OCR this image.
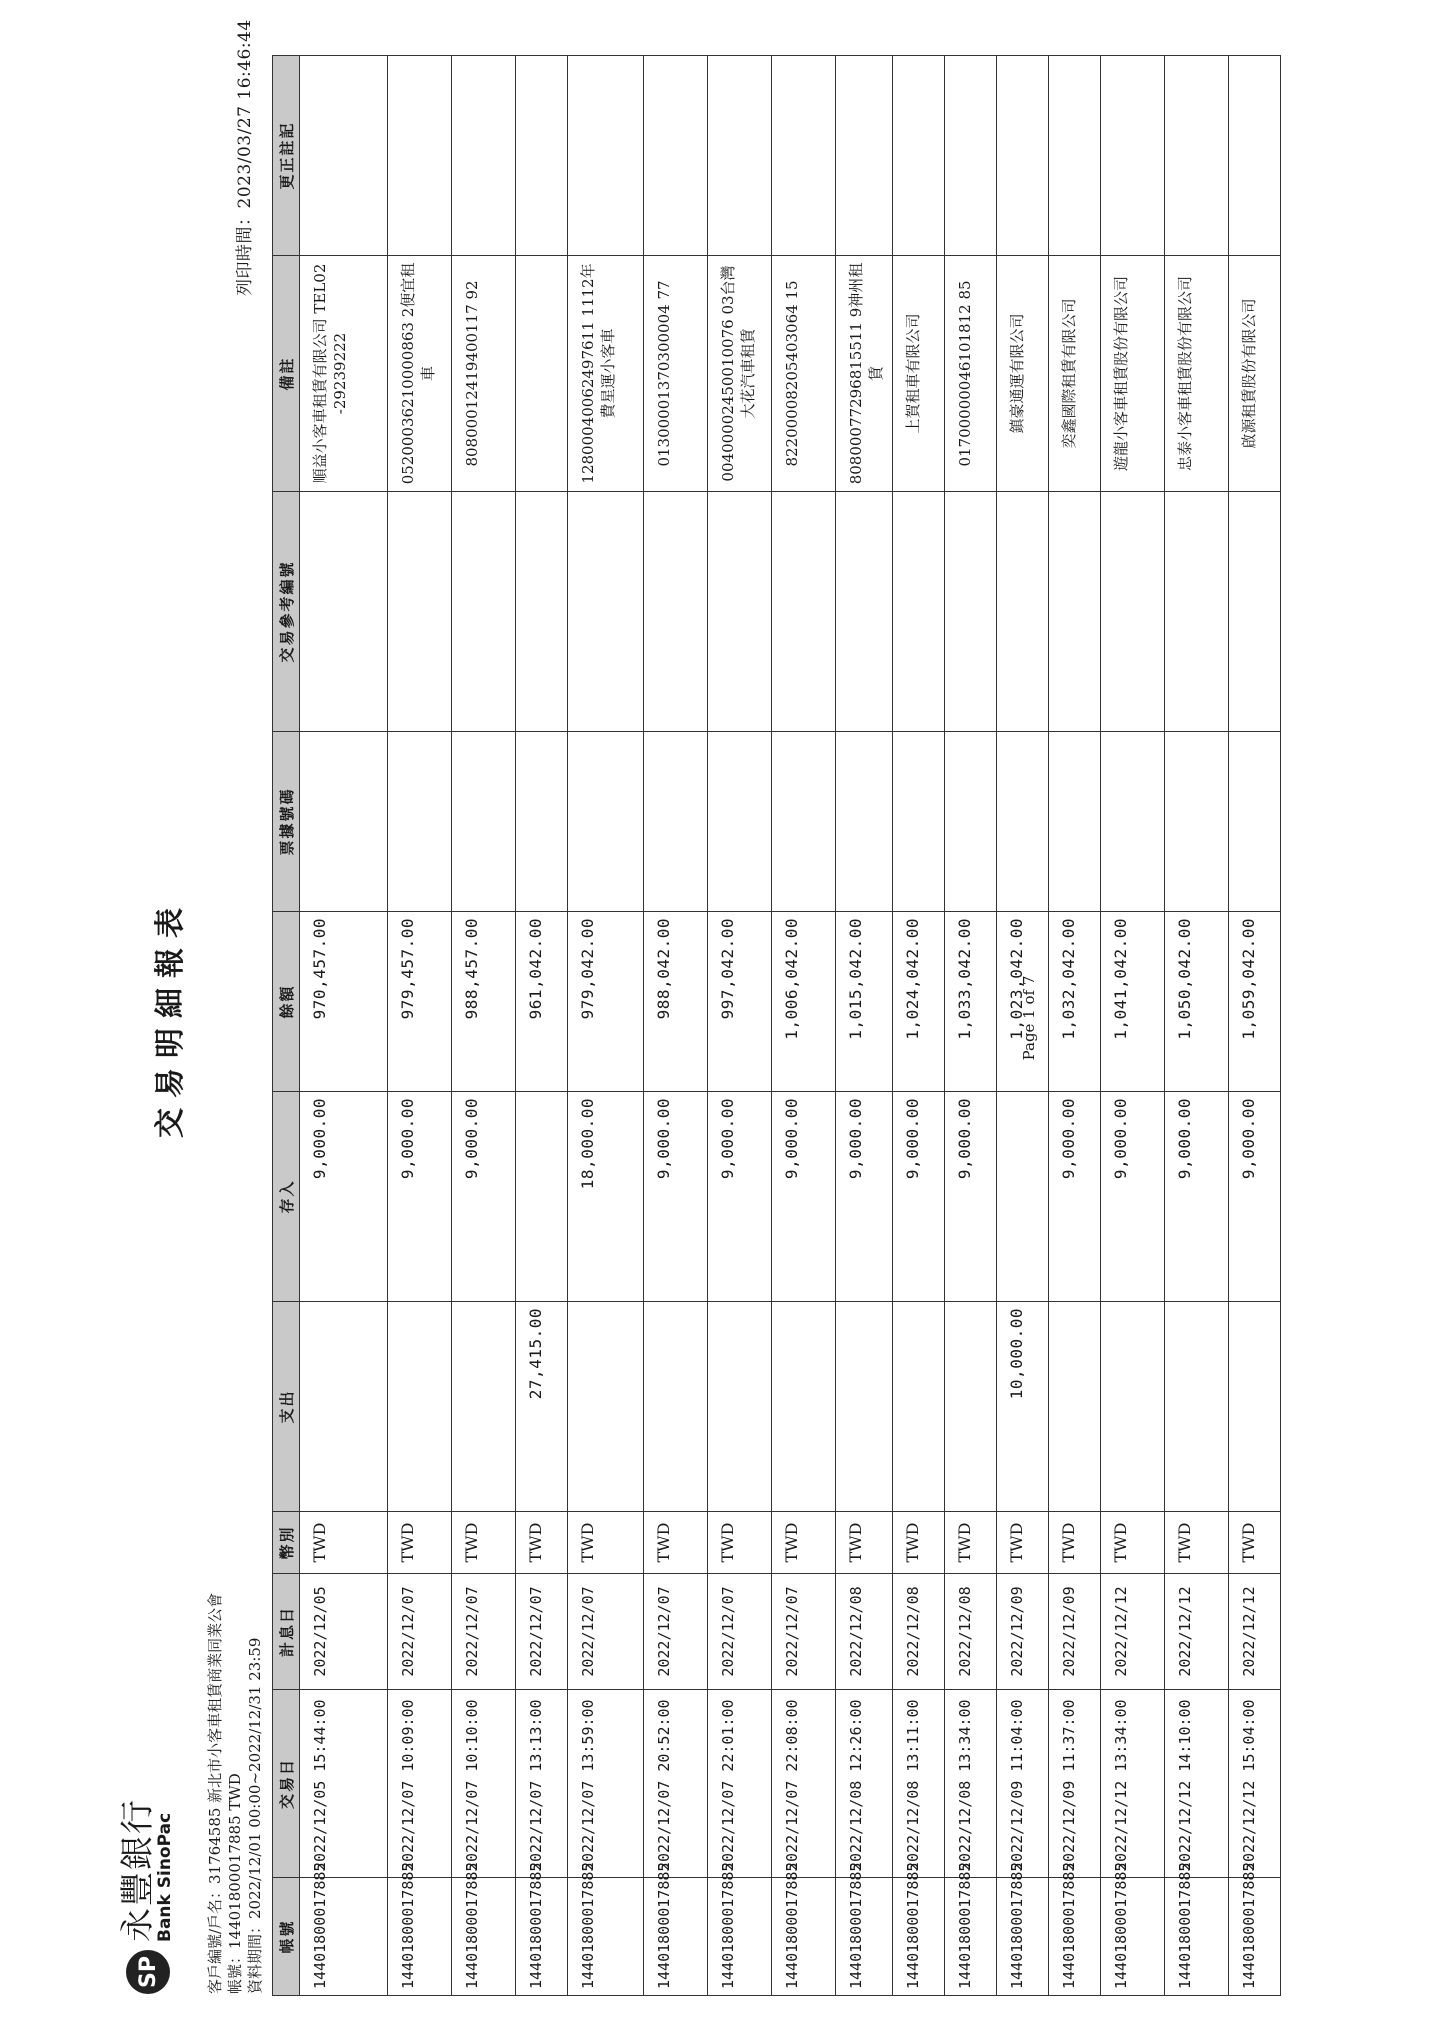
SP
永豐銀行
Bank SinoPac
交易明細報表
列印時間：2023/03/27 16:46:44
客戶編號/戶名：31764585 新北市小客車租賃商業同業公會 帳號：14401800017885 TWD 資料期間：2022/12/01 00:00~2022/12/31 23:59 帳號	交易日	計息日	幣別	支出	存入	餘額	票據號碼	交易參考編號	備註	更正註記
14401800017885	2022/12/05 15:44:00	2022/12/05	TWD		9,000.00	970,457.00			順益小客車租賃有限公司 TEL02-29239222	
14401800017885	2022/12/07 10:09:00	2022/12/07	TWD		9,000.00	979,457.00			05200036210000863 2便宜租車	
14401800017885	2022/12/07 10:10:00	2022/12/07	TWD		9,000.00	988,457.00			80800012419400117 92	
14401800017885	2022/12/07 13:13:00	2022/12/07	TWD	27,415.00		961,042.00				
14401800017885	2022/12/07 13:59:00	2022/12/07	TWD		18,000.00	979,042.00			12800040062497611 1112年費星運小客車	
14401800017885	2022/12/07 20:52:00	2022/12/07	TWD		9,000.00	988,042.00			01300001370300004 77	
14401800017885	2022/12/07 22:01:00	2022/12/07	TWD		9,000.00	997,042.00			00400002450010076 03台灣大花汽車租賃	
14401800017885	2022/12/07 22:08:00	2022/12/07	TWD		9,000.00	1,006,042.00			82200008205403064 15	
14401800017885	2022/12/08 12:26:00	2022/12/08	TWD		9,000.00	1,015,042.00			80800077296815511 9神州租賃	
14401800017885	2022/12/08 13:11:00	2022/12/08	TWD		9,000.00	1,024,042.00			上賀租車有限公司	
14401800017885	2022/12/08 13:34:00	2022/12/08	TWD		9,000.00	1,033,042.00			01700000046101812 85	
14401800017885	2022/12/09 11:04:00	2022/12/09	TWD	10,000.00		1,023,042.00			鎮豪通運有限公司	
14401800017885	2022/12/09 11:37:00	2022/12/09	TWD		9,000.00	1,032,042.00			奕鑫國際租賃有限公司	
14401800017885	2022/12/12 13:34:00	2022/12/12	TWD		9,000.00	1,041,042.00			遊龍小客車租賃股份有限公司	
14401800017885	2022/12/12 14:10:00	2022/12/12	TWD		9,000.00	1,050,042.00			忠泰小客車租賃股份有限公司	
14401800017885	2022/12/12 15:04:00	2022/12/12	TWD		9,000.00	1,059,042.00			啟源租賃股份有限公司	
Page 1 of 7
